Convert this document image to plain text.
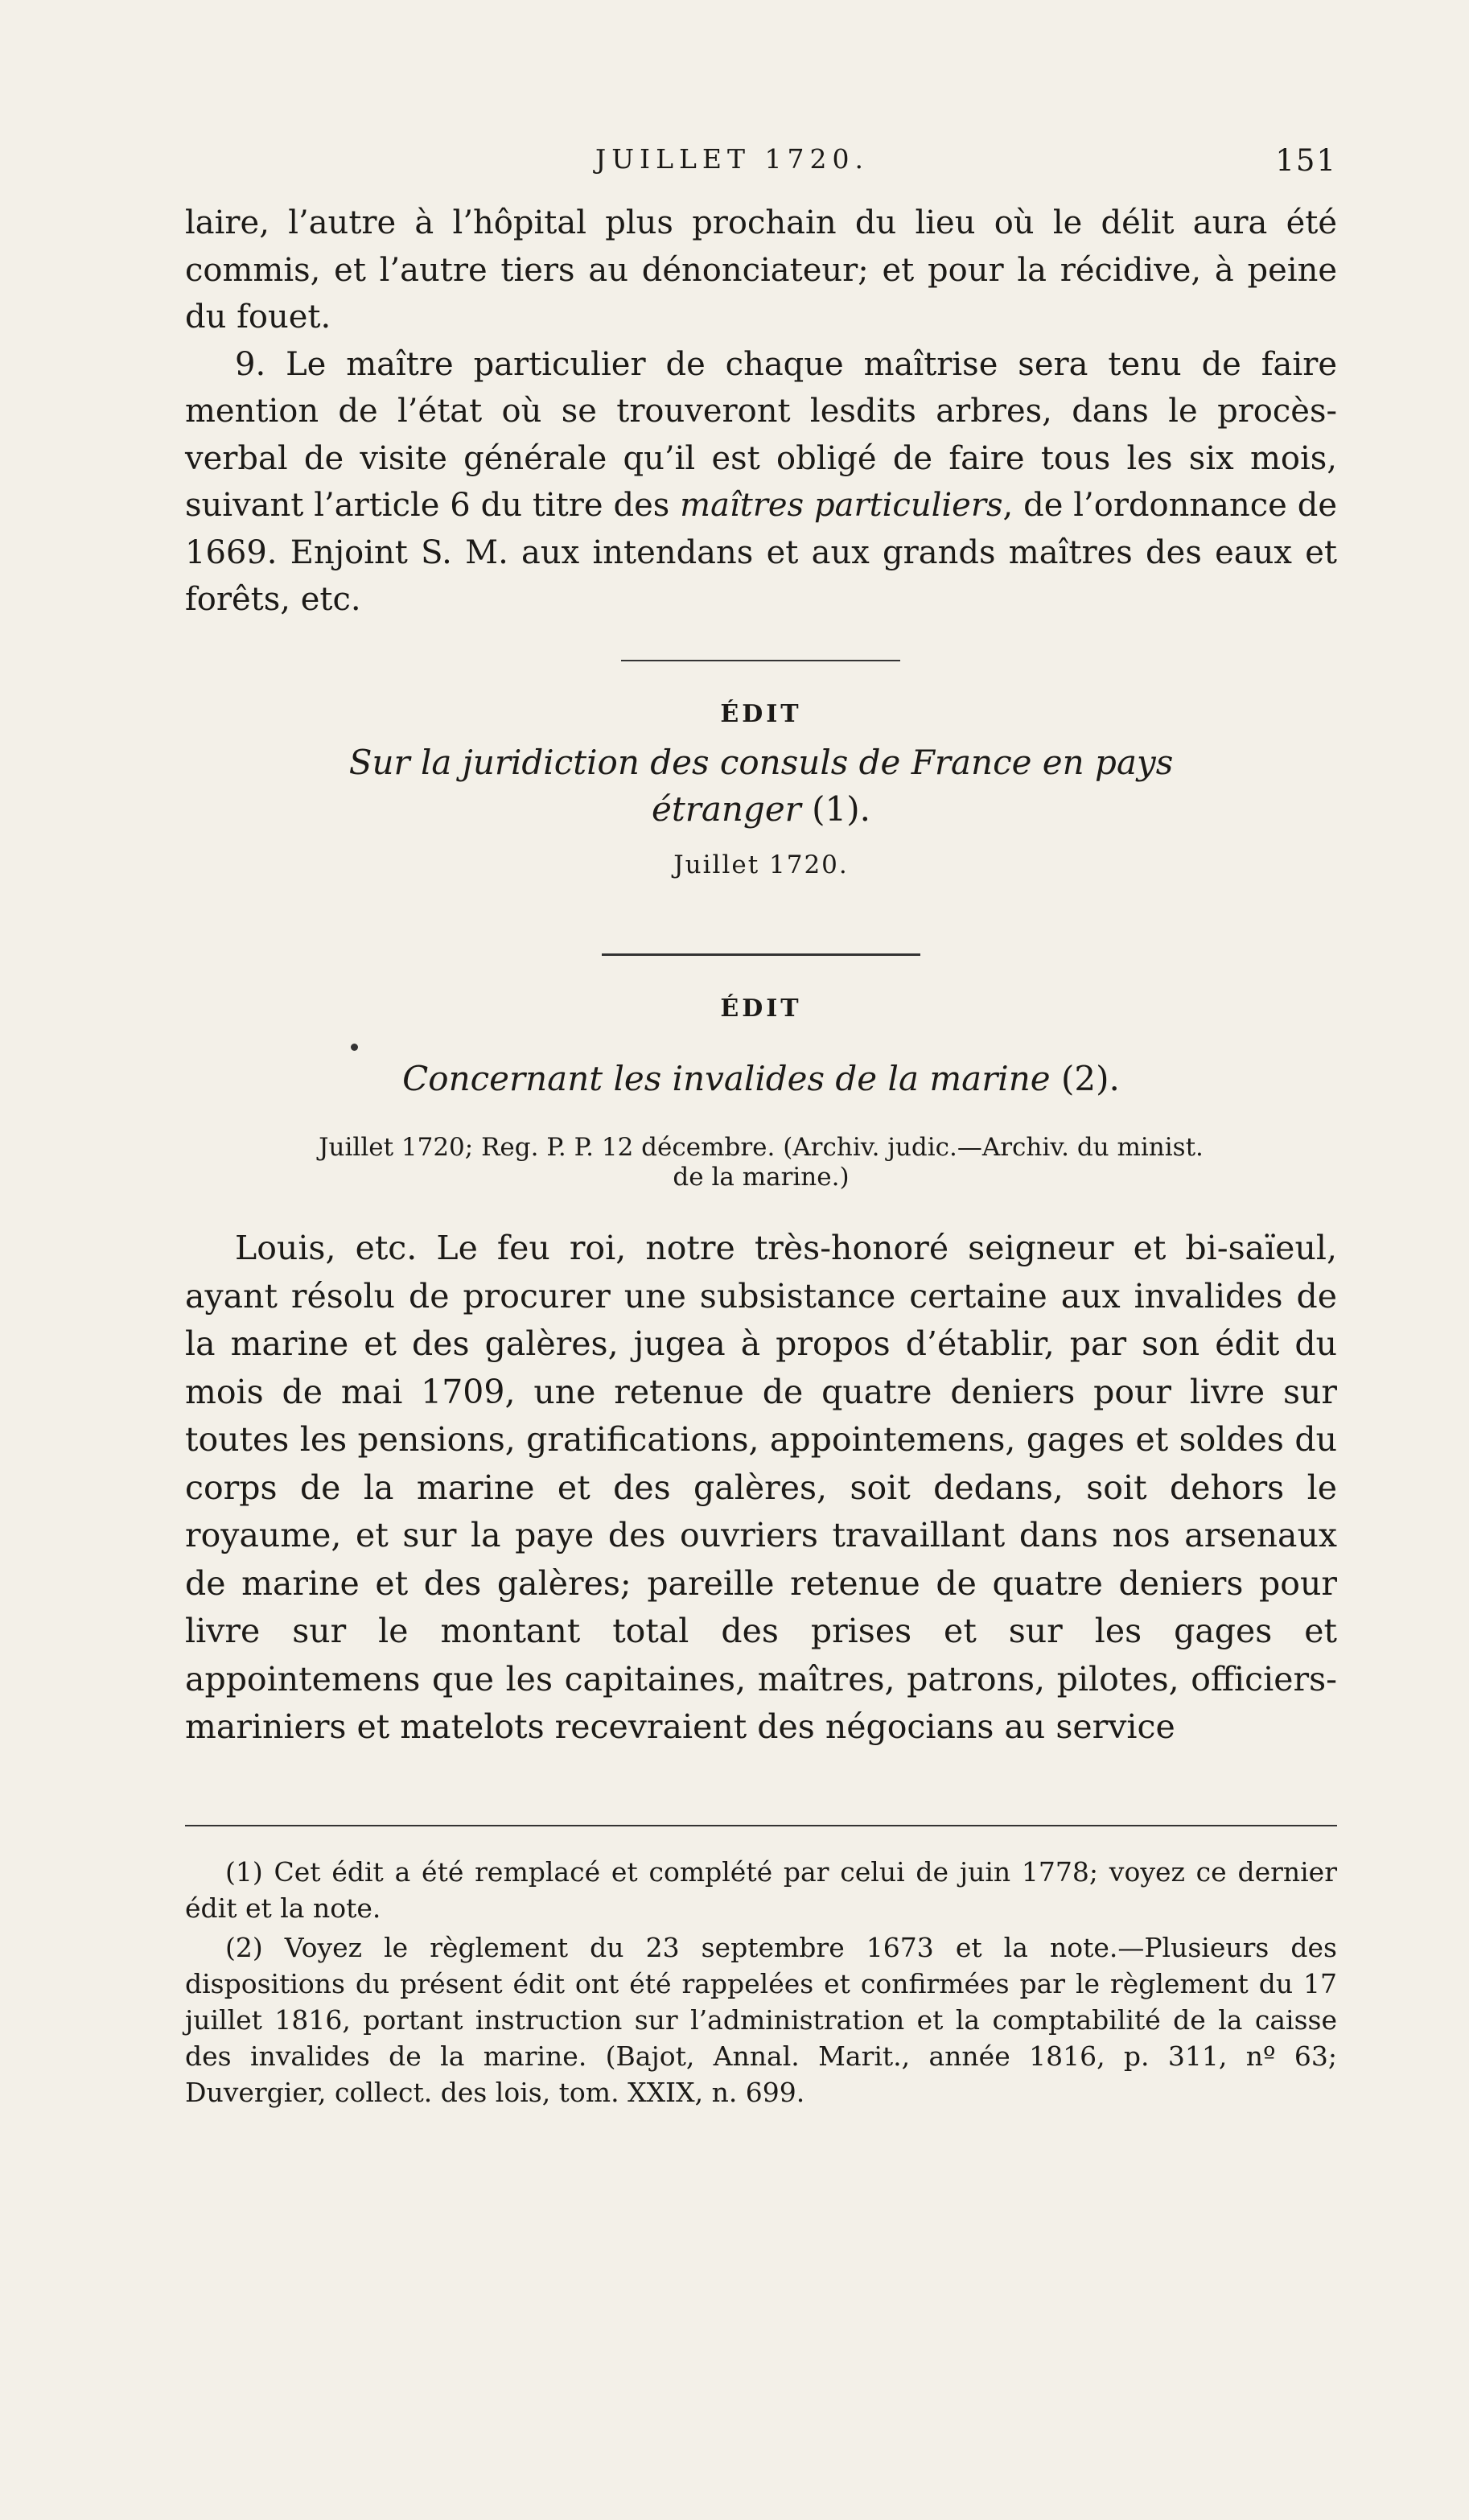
JUILLET 1720.	151

laire, l’autre à l’hôpital plus prochain du lieu où le délit aura été commis, et l’autre tiers au dénonciateur; et pour la récidive, à peine du fouet.

9. Le maître particulier de chaque maîtrise sera tenu de faire mention de l’état où se trouveront lesdits arbres, dans le procès-verbal de visite générale qu’il est obligé de faire tous les six mois, suivant l’article 6 du titre des maîtres particuliers, de l’ordonnance de 1669. Enjoint S. M. aux intendans et aux grands maîtres des eaux et forêts, etc.

ÉDIT
Sur la juridiction des consuls de France en pays
étranger (1).
Juillet 1720.
ÉDIT
Concernant les invalides de la marine (2).
Juillet 1720; Reg. P. P. 12 décembre. (Archiv. judic.—Archiv. du minist.
de la marine.)

Louis, etc. Le feu roi, notre très-honoré seigneur et bi-saïeul, ayant résolu de procurer une subsistance certaine aux invalides de la marine et des galères, jugea à propos d’établir, par son édit du mois de mai 1709, une retenue de quatre deniers pour livre sur toutes les pensions, gratifications, appointemens, gages et soldes du corps de la marine et des galères, soit dedans, soit dehors le royaume, et sur la paye des ouvriers travaillant dans nos arsenaux de marine et des galères; pareille retenue de quatre deniers pour livre sur le montant total des prises et sur les gages et appointemens que les capitaines, maîtres, patrons, pilotes, officiers-mariniers et matelots recevraient des négocians au service

(1) Cet édit a été remplacé et complété par celui de juin 1778; voyez ce dernier édit et la note.

(2) Voyez le règlement du 23 septembre 1673 et la note.—Plusieurs des dispositions du présent édit ont été rappelées et confirmées par le règlement du 17 juillet 1816, portant instruction sur l’administration et la comptabilité de la caisse des invalides de la marine. (Bajot, Annal. Marit., année 1816, p. 311, nº 63; Duvergier, collect. des lois, tom. XXIX, n. 699.
